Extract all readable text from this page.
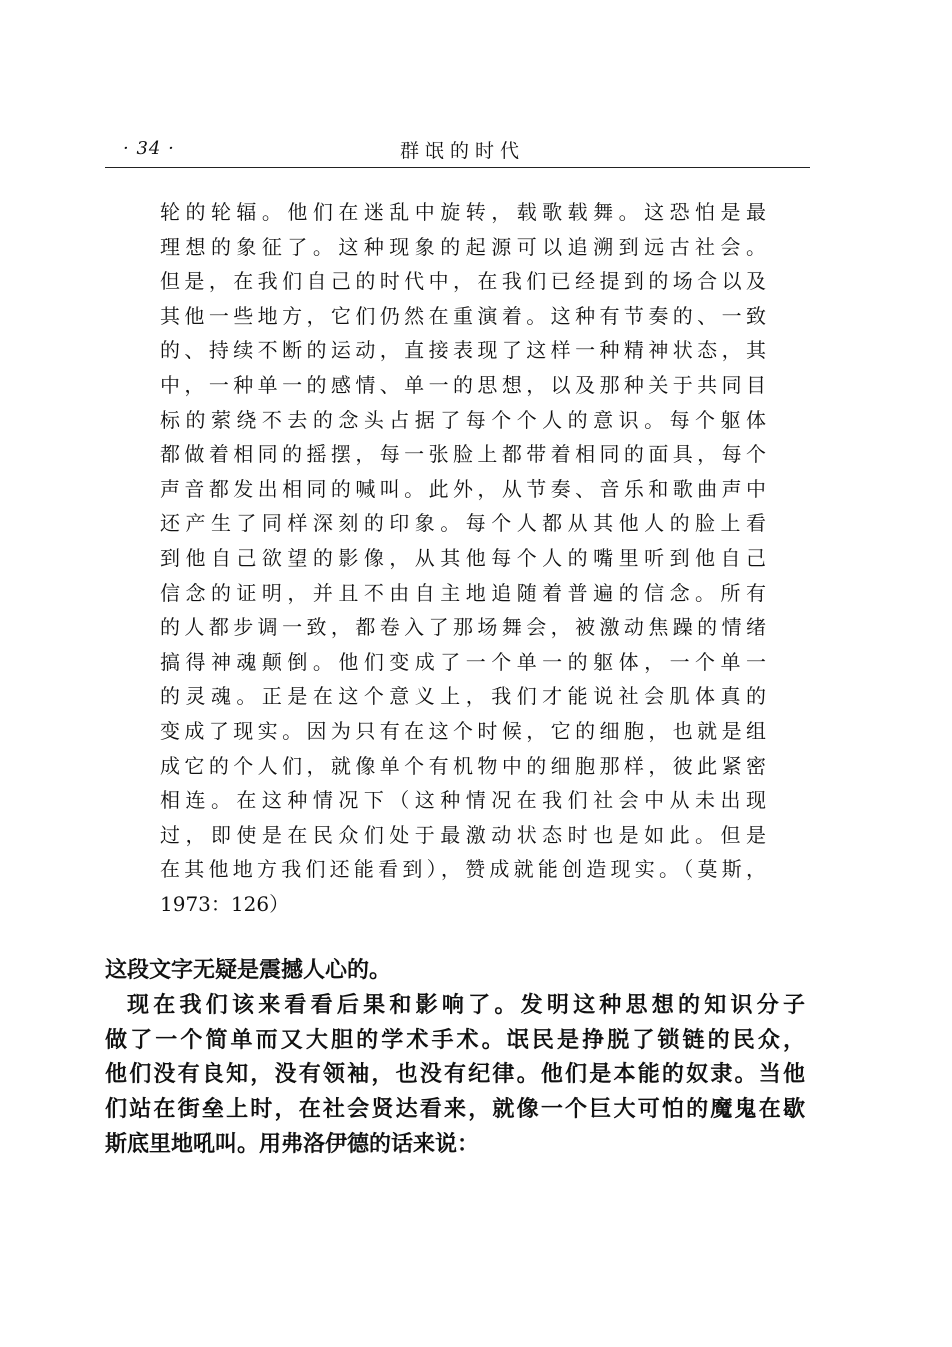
· 34 ·	群氓的时代
轮的轮辐。他们在迷乱中旋转，载歌载舞。这恐怕是最
理想的象征了。这种现象的起源可以追溯到远古社会。
但是，在我们自己的时代中，在我们已经提到的场合以及
其他一些地方，它们仍然在重演着。这种有节奏的、一致
的、持续不断的运动，直接表现了这样一种精神状态，其
中，一种单一的感情、单一的思想，以及那种关于共同目
标的萦绕不去的念头占据了每个个人的意识。每个躯体
都做着相同的摇摆，每一张脸上都带着相同的面具，每个
声音都发出相同的喊叫。此外，从节奏、音乐和歌曲声中
还产生了同样深刻的印象。每个人都从其他人的脸上看
到他自己欲望的影像，从其他每个人的嘴里听到他自己
信念的证明，并且不由自主地追随着普遍的信念。所有
的人都步调一致，都卷入了那场舞会，被激动焦躁的情绪
搞得神魂颠倒。他们变成了一个单一的躯体，一个单一
的灵魂。正是在这个意义上，我们才能说社会肌体真的
变成了现实。因为只有在这个时候，它的细胞，也就是组
成它的个人们，就像单个有机物中的细胞那样，彼此紧密
相连。在这种情况下（这种情况在我们社会中从未出现
过，即使是在民众们处于最激动状态时也是如此。但是
在其他地方我们还能看到），赞成就能创造现实。（莫斯，
1973：126）
这段文字无疑是震撼人心的。
现在我们该来看看后果和影响了。发明这种思想的知识分子
做了一个简单而又大胆的学术手术。氓民是挣脱了锁链的民众，
他们没有良知，没有领袖，也没有纪律。他们是本能的奴隶。当他
们站在街垒上时，在社会贤达看来，就像一个巨大可怕的魔鬼在歇
斯底里地吼叫。用弗洛伊德的话来说：
